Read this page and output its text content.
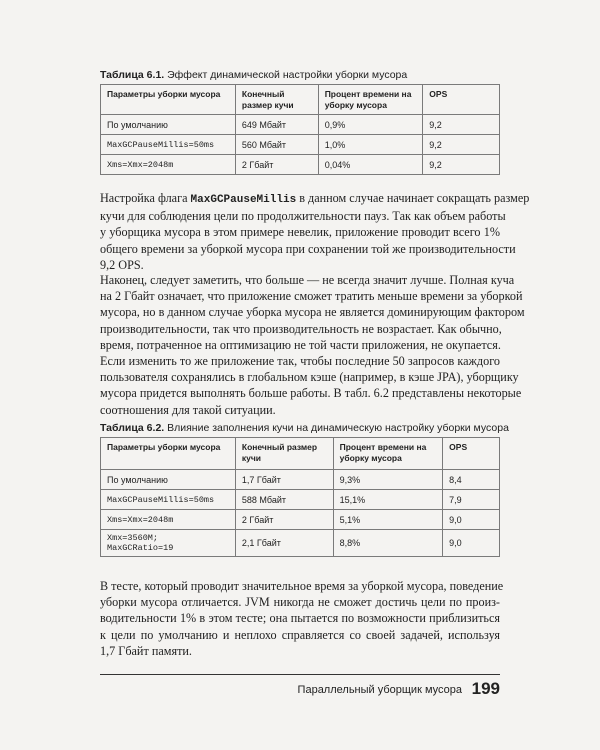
Таблица 6.1. Эффект динамической настройки уборки мусора
Параметры уборки мусора	Конечный размер кучи	Процент времени на уборку мусора	OPS
По умолчанию	649 Мбайт	0,9%	9,2
MaxGCPauseMillis=50ms	560 Мбайт	1,0%	9,2
Xms=Xmx=2048m	2 Гбайт	0,04%	9,2
Настройка флага MaxGCPauseMillis в данном случае начинает сокращать размер
кучи для соблюдения цели по продолжительности пауз. Так как объем работы
у уборщика мусора в этом примере невелик, приложение проводит всего 1%
общего времени за уборкой мусора при сохранении той же производительности
9,2 OPS.
Наконец, следует заметить, что больше — не всегда значит лучше. Полная куча
на 2 Гбайт означает, что приложение сможет тратить меньше времени за уборкой
мусора, но в данном случае уборка мусора не является доминирующим фактором
производительности, так что производительность не возрастает. Как обычно,
время, потраченное на оптимизацию не той части приложения, не окупается.
Если изменить то же приложение так, чтобы последние 50 запросов каждого
пользователя сохранялись в глобальном кэше (например, в кэше JPA), уборщику
мусора придется выполнять больше работы. В табл. 6.2 представлены некоторые
соотношения для такой ситуации.
Таблица 6.2. Влияние заполнения кучи на динамическую настройку уборки мусора
Параметры уборки мусора	Конечный размер кучи	Процент времени на уборку мусора	OPS
По умолчанию	1,7 Гбайт	9,3%	8,4
MaxGCPauseMillis=50ms	588 Мбайт	15,1%	7,9
Xms=Xmx=2048m	2 Гбайт	5,1%	9,0
Xmx=3560M; MaxGCRatio=19	2,1 Гбайт	8,8%	9,0
В тесте, который проводит значительное время за уборкой мусора, поведение
уборки мусора отличается. JVM никогда не сможет достичь цели по произ-
водительности 1% в этом тесте; она пытается по возможности приблизиться
к цели по умолчанию и неплохо справляется со своей задачей, используя
1,7 Гбайт памяти.
Параллельный уборщик мусора 199
